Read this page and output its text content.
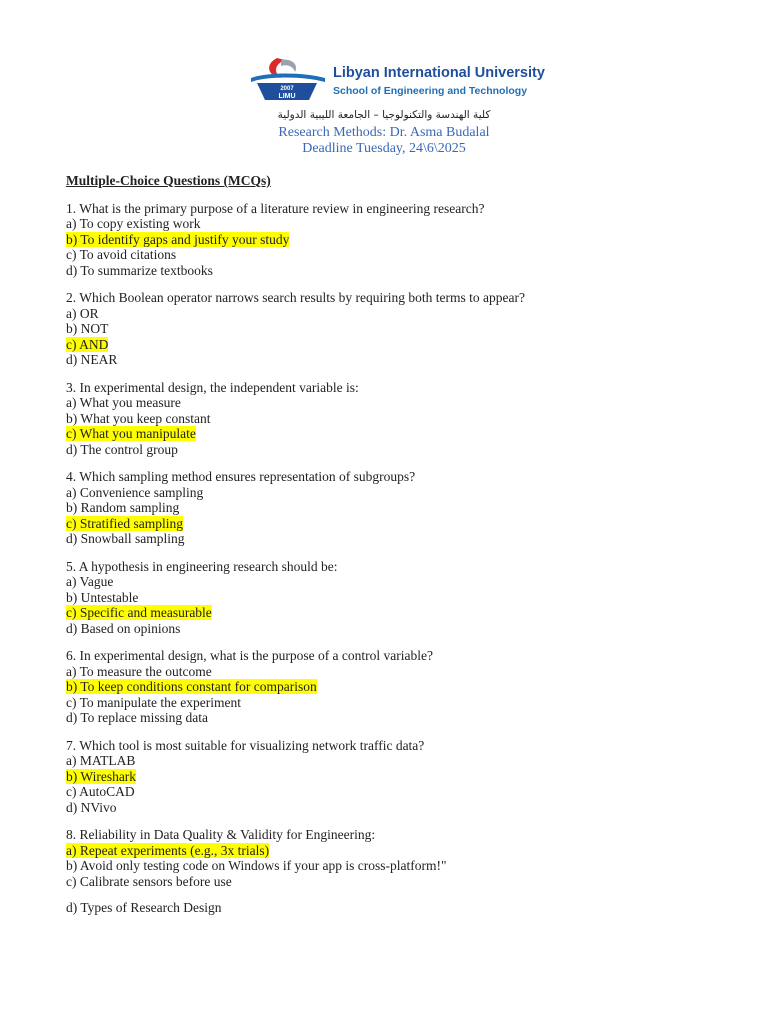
2007
LIMU
Libyan International University
School of Engineering and Technology
كلية الهندسة والتكنولوجيا – الجامعة الليبية الدولية
Research Methods: Dr. Asma Budalal
Deadline Tuesday, 24\6\2025
Multiple-Choice Questions (MCQs)
1. What is the primary purpose of a literature review in engineering research?
a) To copy existing work
b) To identify gaps and justify your study
c) To avoid citations
d) To summarize textbooks
2. Which Boolean operator narrows search results by requiring both terms to appear?
a) OR
b) NOT
c) AND
d) NEAR
3. In experimental design, the independent variable is:
a) What you measure
b) What you keep constant
c) What you manipulate
d) The control group
4. Which sampling method ensures representation of subgroups?
a) Convenience sampling
b) Random sampling
c) Stratified sampling
d) Snowball sampling
5. A hypothesis in engineering research should be:
a) Vague
b) Untestable
c) Specific and measurable
d) Based on opinions
6. In experimental design, what is the purpose of a control variable?
a) To measure the outcome
b) To keep conditions constant for comparison
c) To manipulate the experiment
d) To replace missing data
7. Which tool is most suitable for visualizing network traffic data?
a) MATLAB
b) Wireshark
c) AutoCAD
d) NVivo
8. Reliability in Data Quality & Validity for Engineering:
a) Repeat experiments (e.g., 3x trials)
b) Avoid only testing code on Windows if your app is cross-platform!"
c) Calibrate sensors before use
d) Types of Research Design
